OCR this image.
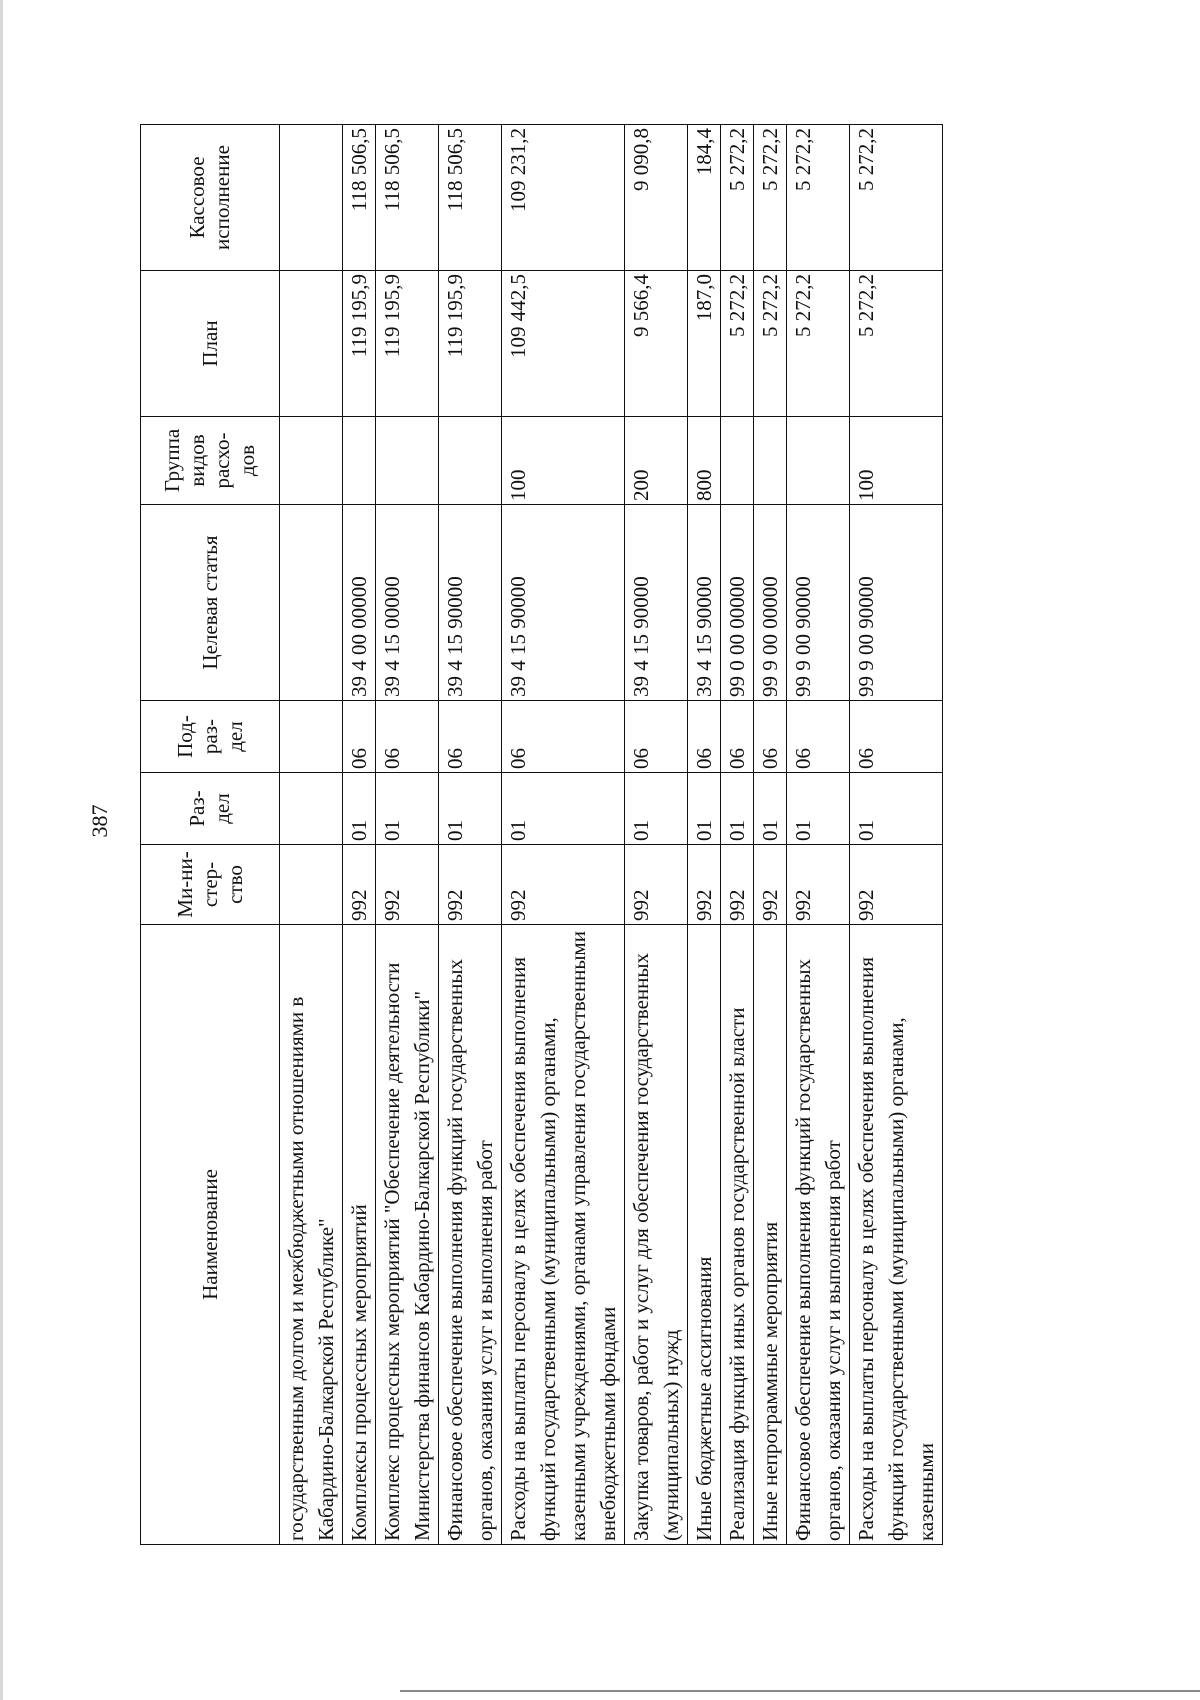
387
Наименование	Ми-ни-стер-ство	Раз-дел	Под-раз-дел	Целевая статья	Группа видов расхо-дов	План	Кассовое исполнение
государственным долгом и межбюджетными отношениями в Кабардино-Балкарской Республике"							
Комплексы процессных мероприятий	992	01	06	39 4 00 00000		119 195,9	118 506,5
Комплекс процессных мероприятий "Обеспечение деятельности Министерства финансов Кабардино-Балкарской Республики"	992	01	06	39 4 15 00000		119 195,9	118 506,5
Финансовое обеспечение выполнения функций государственных органов, оказания услуг и выполнения работ	992	01	06	39 4 15 90000		119 195,9	118 506,5
Расходы на выплаты персоналу в целях обеспечения выполнения функций государственными (муниципальными) органами, казенными учреждениями, органами управления государственными внебюджетными фондами	992	01	06	39 4 15 90000	100	109 442,5	109 231,2
Закупка товаров, работ и услуг для обеспечения государственных (муниципальных) нужд	992	01	06	39 4 15 90000	200	9 566,4	9 090,8
Иные бюджетные ассигнования	992	01	06	39 4 15 90000	800	187,0	184,4
Реализация функций иных органов государственной власти	992	01	06	99 0 00 00000		5 272,2	5 272,2
Иные непрограммные мероприятия	992	01	06	99 9 00 00000		5 272,2	5 272,2
Финансовое обеспечение выполнения функций государственных органов, оказания услуг и выполнения работ	992	01	06	99 9 00 90000		5 272,2	5 272,2
Расходы на выплаты персоналу в целях обеспечения выполнения функций государственными (муниципальными) органами, казенными	992	01	06	99 9 00 90000	100	5 272,2	5 272,2
